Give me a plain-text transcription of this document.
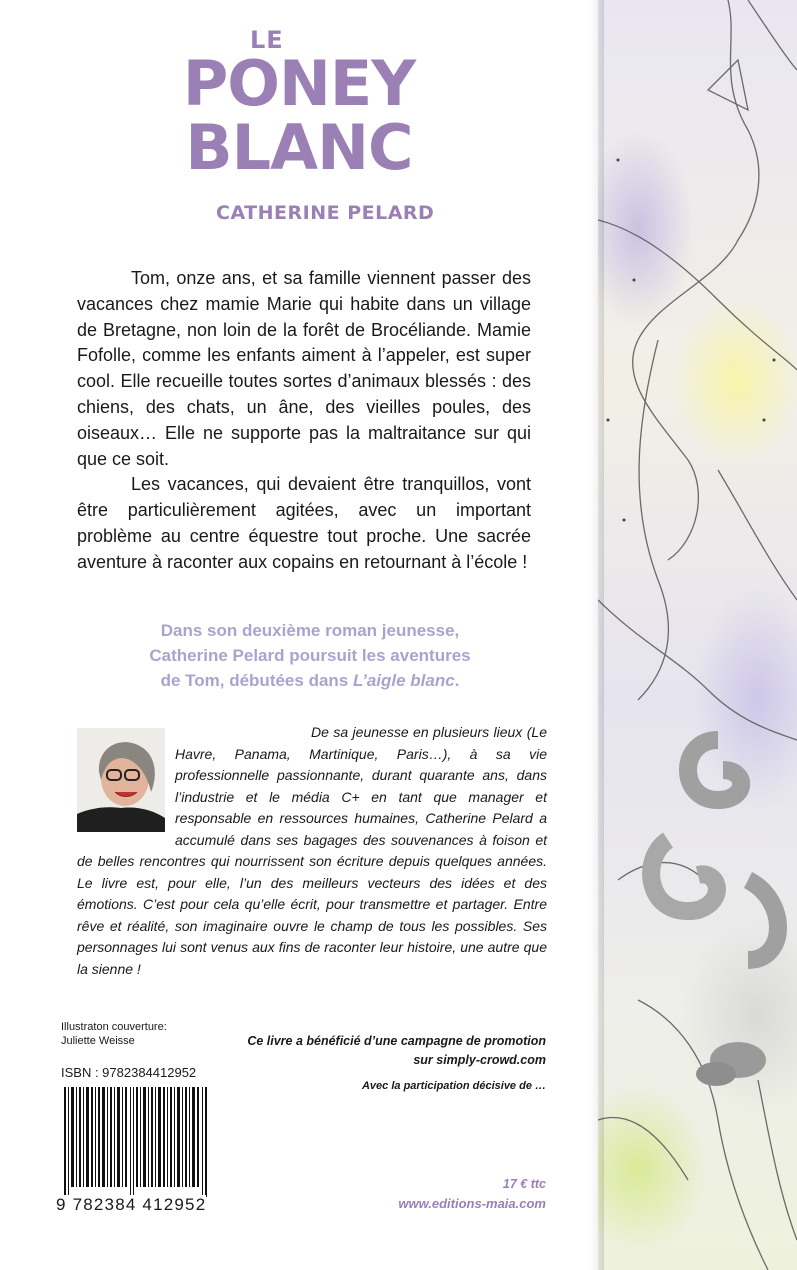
LE
PONEY
BLANC
CATHERINE PELARD

Tom, onze ans, et sa famille viennent passer des vacances chez mamie Marie qui habite dans un village de Bretagne, non loin de la forêt de Brocéliande. Mamie Fofolle, comme les enfants aiment à l’appeler, est super cool. Elle recueille toutes sortes d’animaux blessés : des chiens, des chats, un âne, des vieilles poules, des oiseaux… Elle ne supporte pas la maltraitance sur qui que ce soit.

Les vacances, qui devaient être tranquillos, vont être particulièrement agitées, avec un important problème au centre équestre tout proche. Une sacrée aventure à raconter aux copains en retournant à l’école !

Dans son deuxième roman jeunesse,
Catherine Pelard poursuit les aventures
de Tom, débutées dans L’aigle blanc.
De sa jeunesse en plusieurs lieux (Le Havre, Panama, Martinique, Paris…), à sa vie professionnelle passionnante, durant quarante ans, dans l’industrie et le média C+ en tant que manager et responsable en ressources humaines, Catherine Pelard a accumulé dans ses bagages des souvenances à foison et de belles rencontres qui nourrissent son écriture depuis quelques années. Le livre est, pour elle, l’un des meilleurs vecteurs des idées et des émotions. C’est pour cela qu’elle écrit, pour transmettre et partager. Entre rêve et réalité, son imaginaire ouvre le champ de tous les possibles. Ses personnages lui sont venus aux fins de raconter leur histoire, une autre que la sienne !
Illustraton couverture:
Juliette Weisse
ISBN : 9782384412952
9 782384 412952
Ce livre a bénéficié d’une campagne de promotion
sur simply-crowd.com
Avec la participation décisive de …
17 € ttc
www.editions-maia.com
